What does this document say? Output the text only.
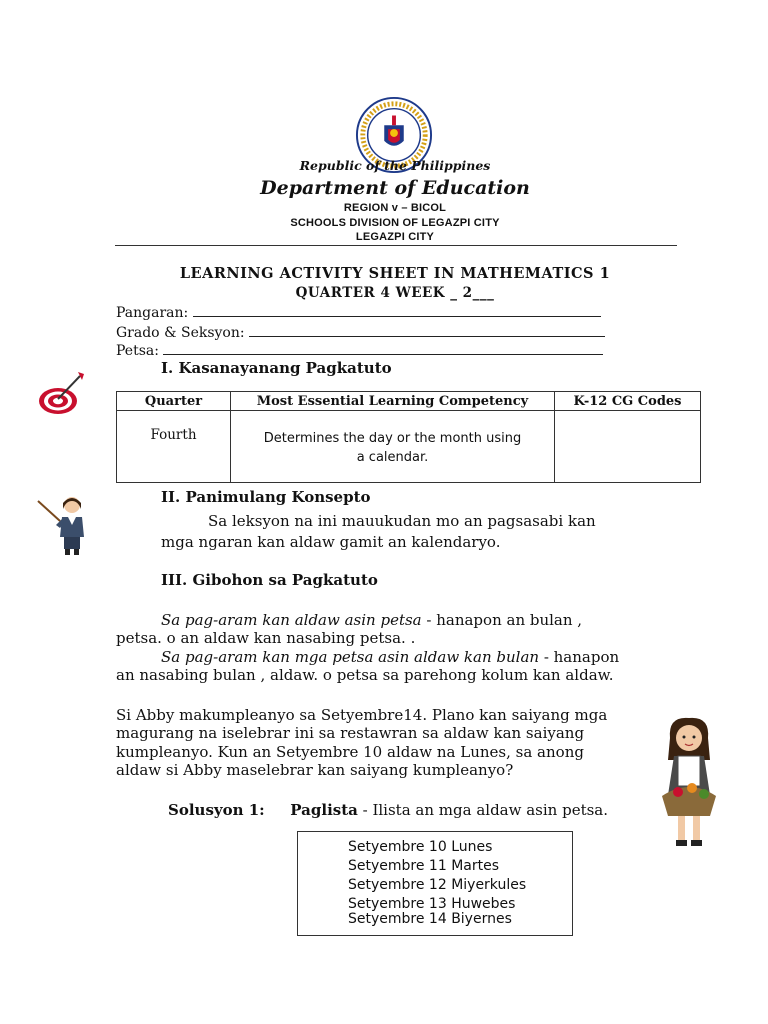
Republic of the Philippines
Department of Education
REGION v – BICOL
SCHOOLS DIVISION OF LEGAZPI CITY
LEGAZPI CITY
LEARNING ACTIVITY SHEET IN MATHEMATICS 1
QUARTER 4 WEEK _ 2___
Pangaran:
Grado & Seksyon:
Petsa:
I. Kasanayanang Pagkatuto
Quarter	Most Essential Learning Competency	K-12 CG Codes
Fourth	Determines the day or the month using a calendar.	
II. Panimulang Konsepto
Sa leksyon na ini mauukudan mo an pagsasabi kan
mga ngaran kan aldaw gamit an kalendaryo.
III. Gibohon sa Pagkatuto
Sa pag-aram kan aldaw asin petsa - hanapon an bulan ,
petsa. o an aldaw kan nasabing petsa. .
Sa pag-aram kan mga petsa asin aldaw kan bulan - hanapon
an nasabing bulan , aldaw. o petsa sa parehong kolum kan aldaw.
Si Abby makumpleanyo sa Setyembre14. Plano kan saiyang mga
magurang na iselebrar ini sa restawran sa aldaw kan saiyang
kumpleanyo. Kun an Setyembre 10 aldaw na Lunes, sa anong
aldaw si Abby maselebrar kan saiyang kumpleanyo?
Solusyon 1: Paglista - Ilista an mga aldaw asin petsa.
Setyembre 10 Lunes
Setyembre 11 Martes
Setyembre 12 Miyerkules
Setyembre 13 Huwebes
Setyembre 14 Biyernes
